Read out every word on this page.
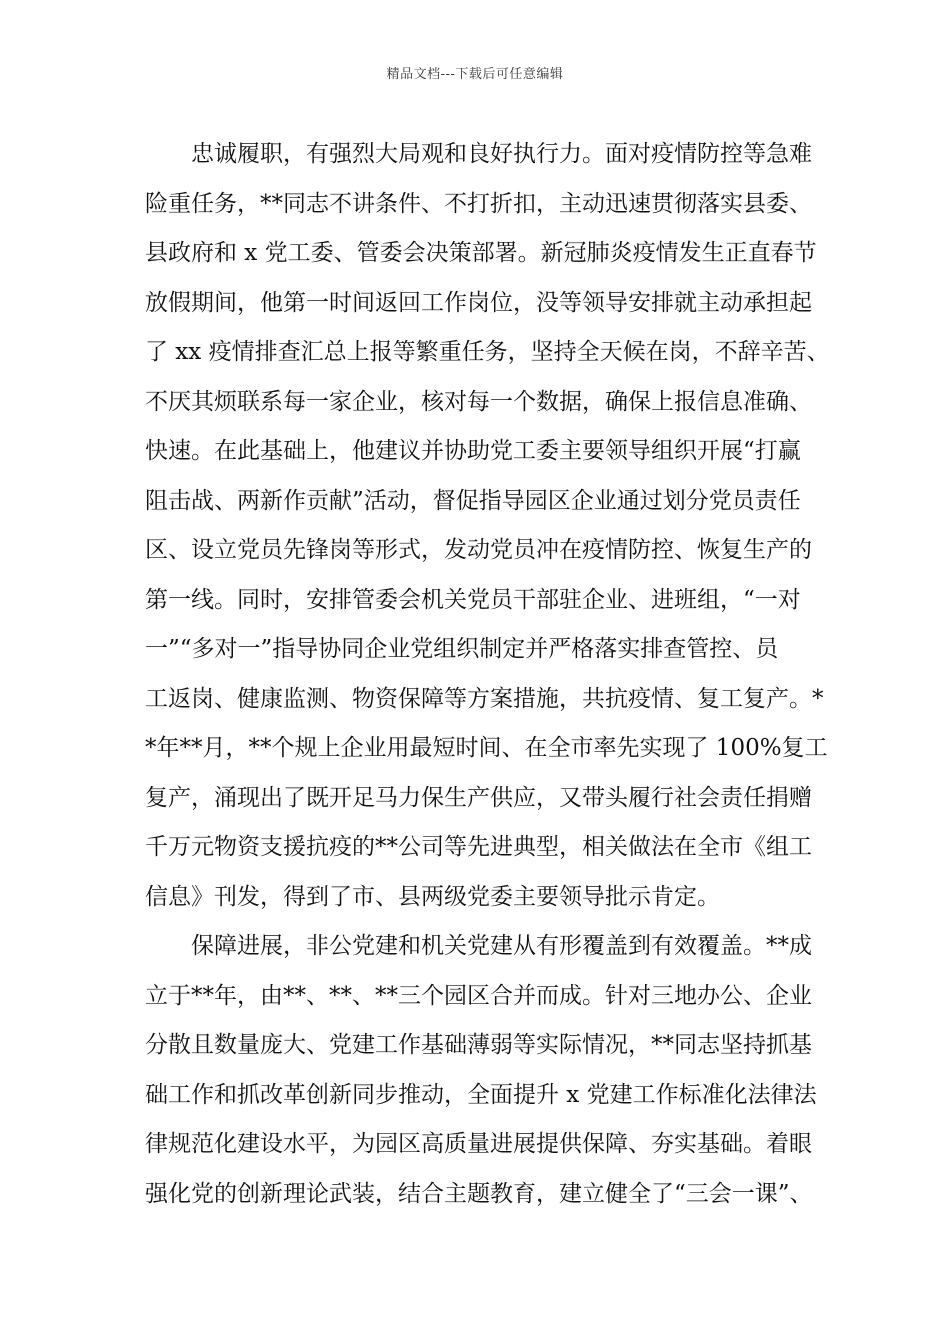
精品文档---下载后可任意编辑
忠诚履职，有强烈大局观和良好执行力。面对疫情防控等急难
险重任务，**同志不讲条件、不打折扣，主动迅速贯彻落实县委、
县政府和 x 党工委、管委会决策部署。新冠肺炎疫情发生正直春节
放假期间，他第一时间返回工作岗位，没等领导安排就主动承担起
了 xx 疫情排查汇总上报等繁重任务，坚持全天候在岗，不辞辛苦、
不厌其烦联系每一家企业，核对每一个数据，确保上报信息准确、
快速。在此基础上，他建议并协助党工委主要领导组织开展“打赢
阻击战、两新作贡献”活动，督促指导园区企业通过划分党员责任
区、设立党员先锋岗等形式，发动党员冲在疫情防控、恢复生产的
第一线。同时，安排管委会机关党员干部驻企业、进班组，“一对
一”“多对一”指导协同企业党组织制定并严格落实排查管控、员
工返岗、健康监测、物资保障等方案措施，共抗疫情、复工复产。*
*年**月，**个规上企业用最短时间、在全市率先实现了 100%复工
复产，涌现出了既开足马力保生产供应，又带头履行社会责任捐赠
千万元物资支援抗疫的**公司等先进典型，相关做法在全市《组工
信息》刊发，得到了市、县两级党委主要领导批示肯定。
保障进展，非公党建和机关党建从有形覆盖到有效覆盖。**成
立于**年，由**、**、**三个园区合并而成。针对三地办公、企业
分散且数量庞大、党建工作基础薄弱等实际情况，**同志坚持抓基
础工作和抓改革创新同步推动，全面提升 x 党建工作标准化法律法
律规范化建设水平，为园区高质量进展提供保障、夯实基础。着眼
强化党的创新理论武装，结合主题教育，建立健全了“三会一课”、
